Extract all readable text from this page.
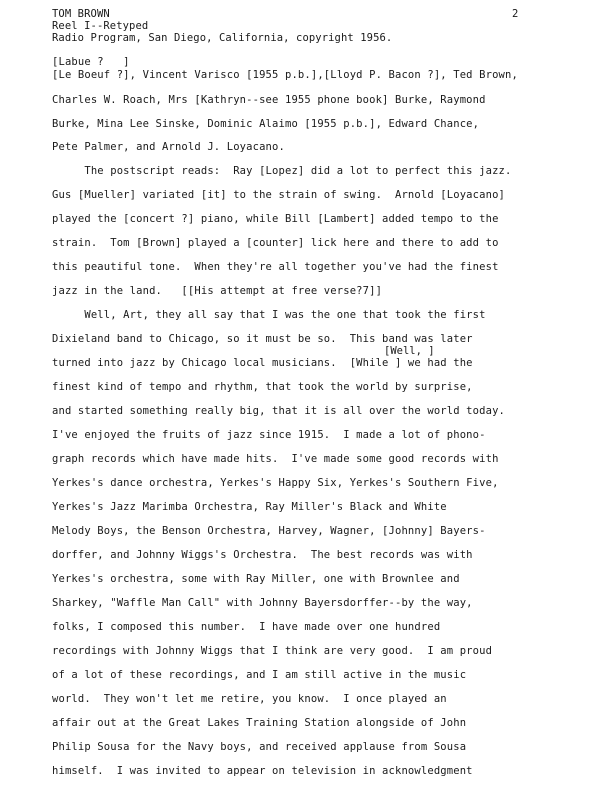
TOM BROWN
Reel I--Retyped
Radio Program, San Diego, California, copyright 1956.
2
[Labue ?   ]
[Le Boeuf ?], Vincent Varisco [1955 p.b.],[Lloyd P. Bacon ?], Ted Brown,
Charles W. Roach, Mrs [Kathryn--see 1955 phone book] Burke, Raymond
Burke, Mina Lee Sinske, Dominic Alaimo [1955 p.b.], Edward Chance,
Pete Palmer, and Arnold J. Loyacano.
The postscript reads:  Ray [Lopez] did a lot to perfect this jazz.
Gus [Mueller] variated [it] to the strain of swing.  Arnold [Loyacano]
played the [concert ?] piano, while Bill [Lambert] added tempo to the
strain.  Tom [Brown] played a [counter] lick here and there to add to
this peautiful tone.  When they're all together you've had the finest
jazz in the land.   [[His attempt at free verse?7]]
Well, Art, they all say that I was the one that took the first
Dixieland band to Chicago, so it must be so.  This band was later
[Well, ]
turned into jazz by Chicago local musicians.  [While ] we had the
finest kind of tempo and rhythm, that took the world by surprise,
and started something really big, that it is all over the world today.
I've enjoyed the fruits of jazz since 1915.  I made a lot of phono-
graph records which have made hits.  I've made some good records with
Yerkes's dance orchestra, Yerkes's Happy Six, Yerkes's Southern Five,
Yerkes's Jazz Marimba Orchestra, Ray Miller's Black and White
Melody Boys, the Benson Orchestra, Harvey, Wagner, [Johnny] Bayers-
dorffer, and Johnny Wiggs's Orchestra.  The best records was with
Yerkes's orchestra, some with Ray Miller, one with Brownlee and
Sharkey, "Waffle Man Call" with Johnny Bayersdorffer--by the way,
folks, I composed this number.  I have made over one hundred
recordings with Johnny Wiggs that I think are very good.  I am proud
of a lot of these recordings, and I am still active in the music
world.  They won't let me retire, you know.  I once played an
affair out at the Great Lakes Training Station alongside of John
Philip Sousa for the Navy boys, and received applause from Sousa
himself.  I was invited to appear on television in acknowledgment
